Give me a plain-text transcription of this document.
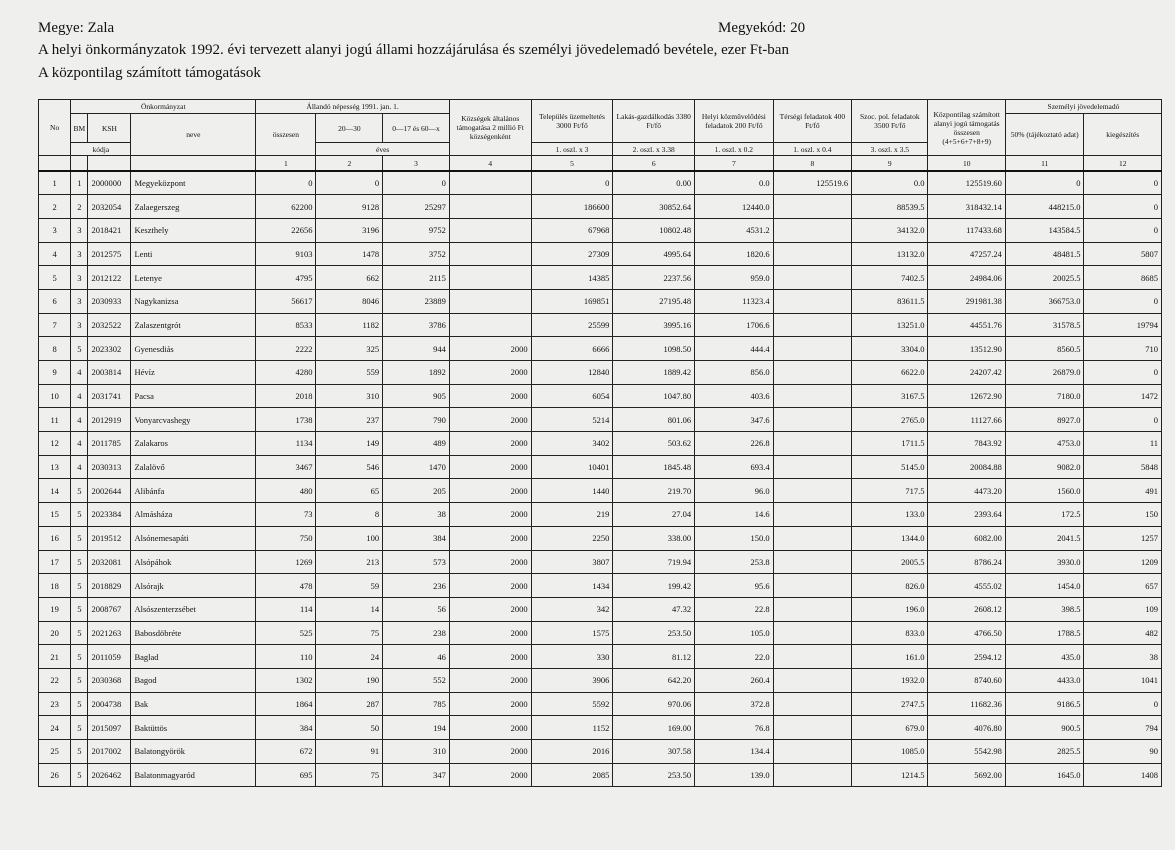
Megye: Zala	Megyekód: 20
A helyi önkormányzatok 1992. évi tervezett alanyi jogú állami hozzájárulása és személyi jövedelemadó bevétele, ezer Ft-ban
A központilag számított támogatások
No	Önkormányzat			Állandó népesség 1991. jan. 1.			Községek általános támogatása 2 millió Ft községenként	Település üzemeltetés 3000 Ft/fő	Lakás-gazdálkodás 3380 Ft/fő	Helyi közművelődési feladatok 200 Ft/fő	Térségi feladatok 400 Ft/fő	Szoc. pol. feladatok 3500 Ft/fő	Központilag számított alanyi jogú támogatás összesen (4+5+6+7+8+9)	Személyi jövedelemadó	
	BM	KSH	neve	összesen	20—30	0—17 és 60—x								50% (tájékoztató adat)	kiegészítés
	kódja				éves			1. oszl. x 3	2. oszl. x 3.38	1. oszl. x 0.2	1. oszl. x 0.4	3. oszl. x 3.5			
				1	2	3	4	5	6	7	8	9	10	11	12
1	1	2000000	Megyeközpont	0	0	0		0	0.00	0.0	125519.6	0.0	125519.60	0	0
2	2	2032054	Zalaegerszeg	62200	9128	25297		186600	30852.64	12440.0		88539.5	318432.14	448215.0	0
3	3	2018421	Keszthely	22656	3196	9752		67968	10802.48	4531.2		34132.0	117433.68	143584.5	0
4	3	2012575	Lenti	9103	1478	3752		27309	4995.64	1820.6		13132.0	47257.24	48481.5	5807
5	3	2012122	Letenye	4795	662	2115		14385	2237.56	959.0		7402.5	24984.06	20025.5	8685
6	3	2030933	Nagykanizsa	56617	8046	23889		169851	27195.48	11323.4		83611.5	291981.38	366753.0	0
7	3	2032522	Zalaszentgrót	8533	1182	3786		25599	3995.16	1706.6		13251.0	44551.76	31578.5	19794
8	5	2023302	Gyenesdiás	2222	325	944	2000	6666	1098.50	444.4		3304.0	13512.90	8560.5	710
9	4	2003814	Hévíz	4280	559	1892	2000	12840	1889.42	856.0		6622.0	24207.42	26879.0	0
10	4	2031741	Pacsa	2018	310	905	2000	6054	1047.80	403.6		3167.5	12672.90	7180.0	1472
11	4	2012919	Vonyarcvashegy	1738	237	790	2000	5214	801.06	347.6		2765.0	11127.66	8927.0	0
12	4	2011785	Zalakaros	1134	149	489	2000	3402	503.62	226.8		1711.5	7843.92	4753.0	11
13	4	2030313	Zalalövő	3467	546	1470	2000	10401	1845.48	693.4		5145.0	20084.88	9082.0	5848
14	5	2002644	Alibánfa	480	65	205	2000	1440	219.70	96.0		717.5	4473.20	1560.0	491
15	5	2023384	Almásháza	73	8	38	2000	219	27.04	14.6		133.0	2393.64	172.5	150
16	5	2019512	Alsónemesapáti	750	100	384	2000	2250	338.00	150.0		1344.0	6082.00	2041.5	1257
17	5	2032081	Alsópáhok	1269	213	573	2000	3807	719.94	253.8		2005.5	8786.24	3930.0	1209
18	5	2018829	Alsórajk	478	59	236	2000	1434	199.42	95.6		826.0	4555.02	1454.0	657
19	5	2008767	Alsószenterzsébet	114	14	56	2000	342	47.32	22.8		196.0	2608.12	398.5	109
20	5	2021263	Babosdöbréte	525	75	238	2000	1575	253.50	105.0		833.0	4766.50	1788.5	482
21	5	2011059	Baglad	110	24	46	2000	330	81.12	22.0		161.0	2594.12	435.0	38
22	5	2030368	Bagod	1302	190	552	2000	3906	642.20	260.4		1932.0	8740.60	4433.0	1041
23	5	2004738	Bak	1864	287	785	2000	5592	970.06	372.8		2747.5	11682.36	9186.5	0
24	5	2015097	Baktüttös	384	50	194	2000	1152	169.00	76.8		679.0	4076.80	900.5	794
25	5	2017002	Balatongyörök	672	91	310	2000	2016	307.58	134.4		1085.0	5542.98	2825.5	90
26	5	2026462	Balatonmagyaród	695	75	347	2000	2085	253.50	139.0		1214.5	5692.00	1645.0	1408
